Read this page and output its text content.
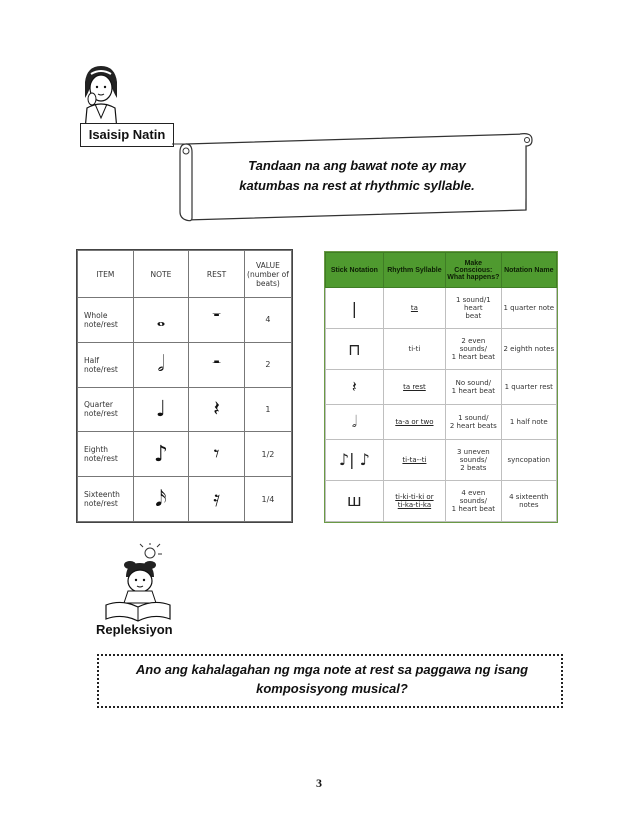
Isaisip Natin
Tandaan na ang bawat note ay may
katumbas na rest at rhythmic syllable.
ITEM	NOTE	REST	VALUE
(number of beats)
Whole
note/rest	𝅝	𝄻	4
Half
note/rest	𝅗𝅥	𝄼	2
Quarter
note/rest	♩	𝄽	1
Eighth
note/rest	♪	𝄾	1/2
Sixteenth
note/rest	𝅘𝅥𝅯	𝄿	1/4
Stick Notation	Rhythm Syllable	Make Conscious:
What happens?	Notation Name
|	ta	1 sound/1 heart
beat	1 quarter note
⊓	ti-ti	2 even sounds/
1 heart beat	2 eighth notes
𝄽	ta rest	No sound/
1 heart beat	1 quarter rest
𝅗𝅥	ta-a or two	1 sound/
2 heart beats	1 half note
♪| ♪	ti-ta--ti	3 uneven sounds/
2 beats	syncopation
ш	ti-ki-ti-ki or
ti-ka-ti-ka	4 even sounds/
1 heart beat	4 sixteenth notes
Repleksiyon
Ano ang kahalagahan ng mga note at rest sa paggawa ng isang
komposisyong musical?
3
